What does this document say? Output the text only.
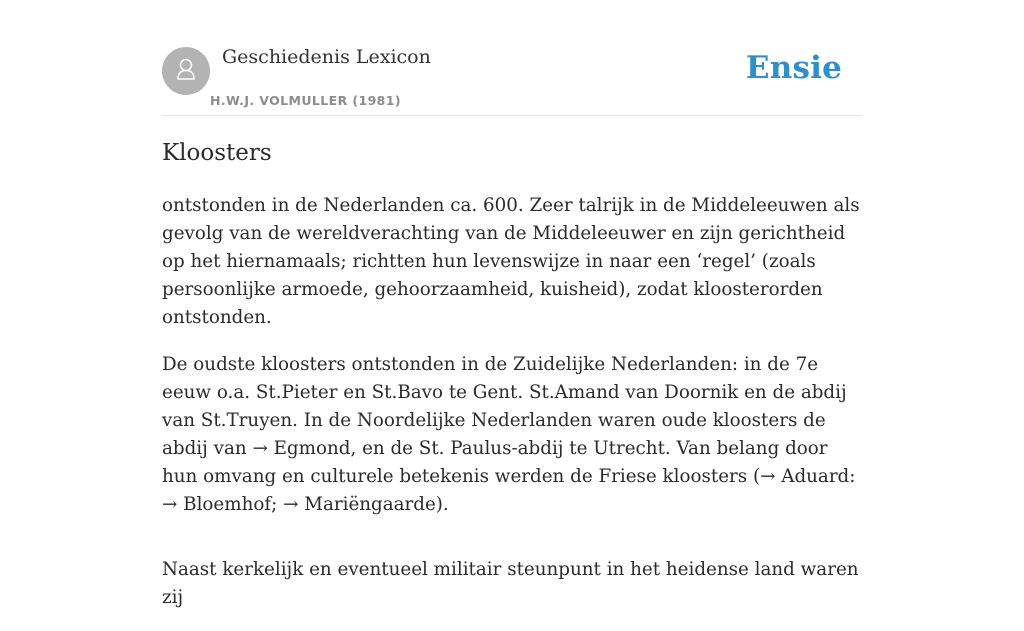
Geschiedenis Lexicon
H.W.J. VOLMULLER (1981)
Ensie
Kloosters

ontstonden in de Nederlanden ca. 600. Zeer talrijk in de Middeleeuwen als gevolg van de wereldverachting van de Middeleeuwer en zijn gerichtheid op het hiernamaals; richtten hun levenswijze in naar een ‘regel’ (zoals persoonlijke armoede, gehoorzaamheid, kuisheid), zodat kloosterorden ontstonden.

De oudste kloosters ontstonden in de Zuidelijke Nederlanden: in de 7e eeuw o.a. St.Pieter en St.Bavo te Gent. St.Amand van Doornik en de abdij van St.Truyen. In de Noordelijke Nederlanden waren oude kloosters de abdij van → Egmond, en de St. Paulus-abdij te Utrecht. Van belang door hun omvang en culturele betekenis werden de Friese kloosters (→ Aduard: → Bloemhof; → Mariëngaarde).

Naast kerkelijk en eventueel militair steunpunt in het heidense land waren zij
